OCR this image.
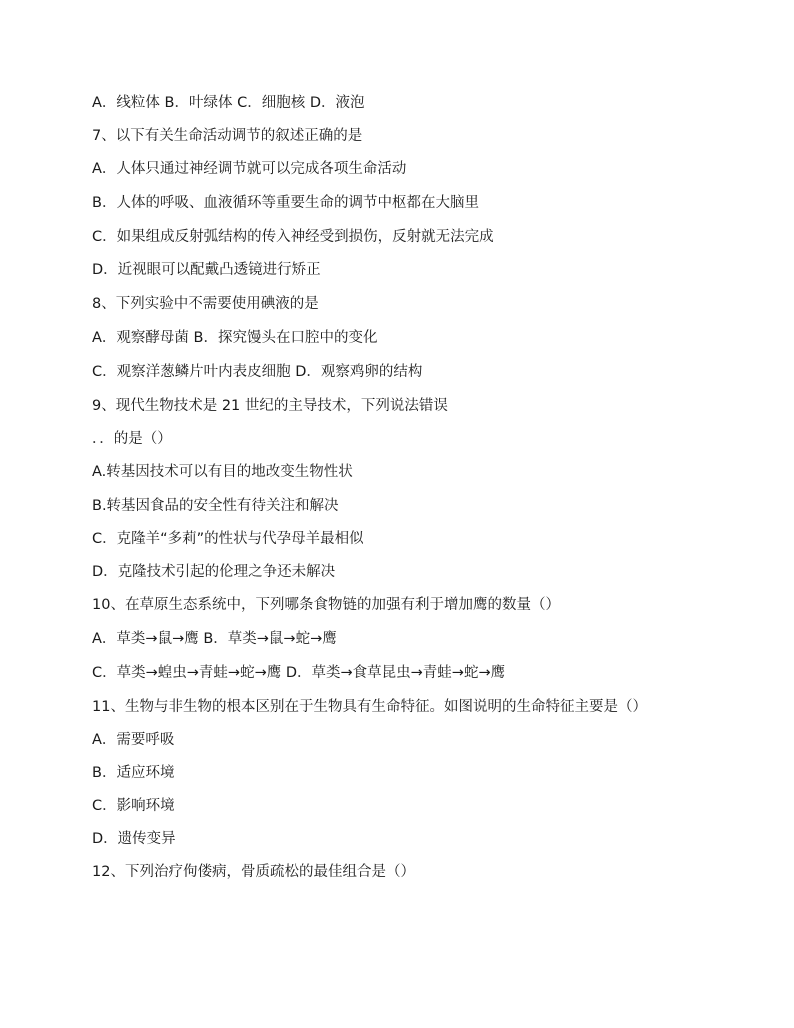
A．线粒体 B．叶绿体 C．细胞核 D．液泡
7、以下有关生命活动调节的叙述正确的是
A．人体只通过神经调节就可以完成各项生命活动
B．人体的呼吸、血液循环等重要生命的调节中枢都在大脑里
C．如果组成反射弧结构的传入神经受到损伤，反射就无法完成
D．近视眼可以配戴凸透镜进行矫正
8、下列实验中不需要使用碘液的是
A．观察酵母菌 B．探究馒头在口腔中的变化
C．观察洋葱鳞片叶内表皮细胞 D．观察鸡卵的结构
9、现代生物技术是 21 世纪的主导技术，下列说法错误
．．的是（）
A.转基因技术可以有目的地改变生物性状
B.转基因食品的安全性有待关注和解决
C．克隆羊“多莉”的性状与代孕母羊最相似
D．克隆技术引起的伦理之争还未解决
10、在草原生态系统中，下列哪条食物链的加强有利于增加鹰的数量（）
A．草类→鼠→鹰 B．草类→鼠→蛇→鹰
C．草类→蝗虫→青蛙→蛇→鹰 D．草类→食草昆虫→青蛙→蛇→鹰
11、生物与非生物的根本区别在于生物具有生命特征。如图说明的生命特征主要是（）
A．需要呼吸
B．适应环境
C．影响环境
D．遗传变异
12、下列治疗佝偻病，骨质疏松的最佳组合是（）
